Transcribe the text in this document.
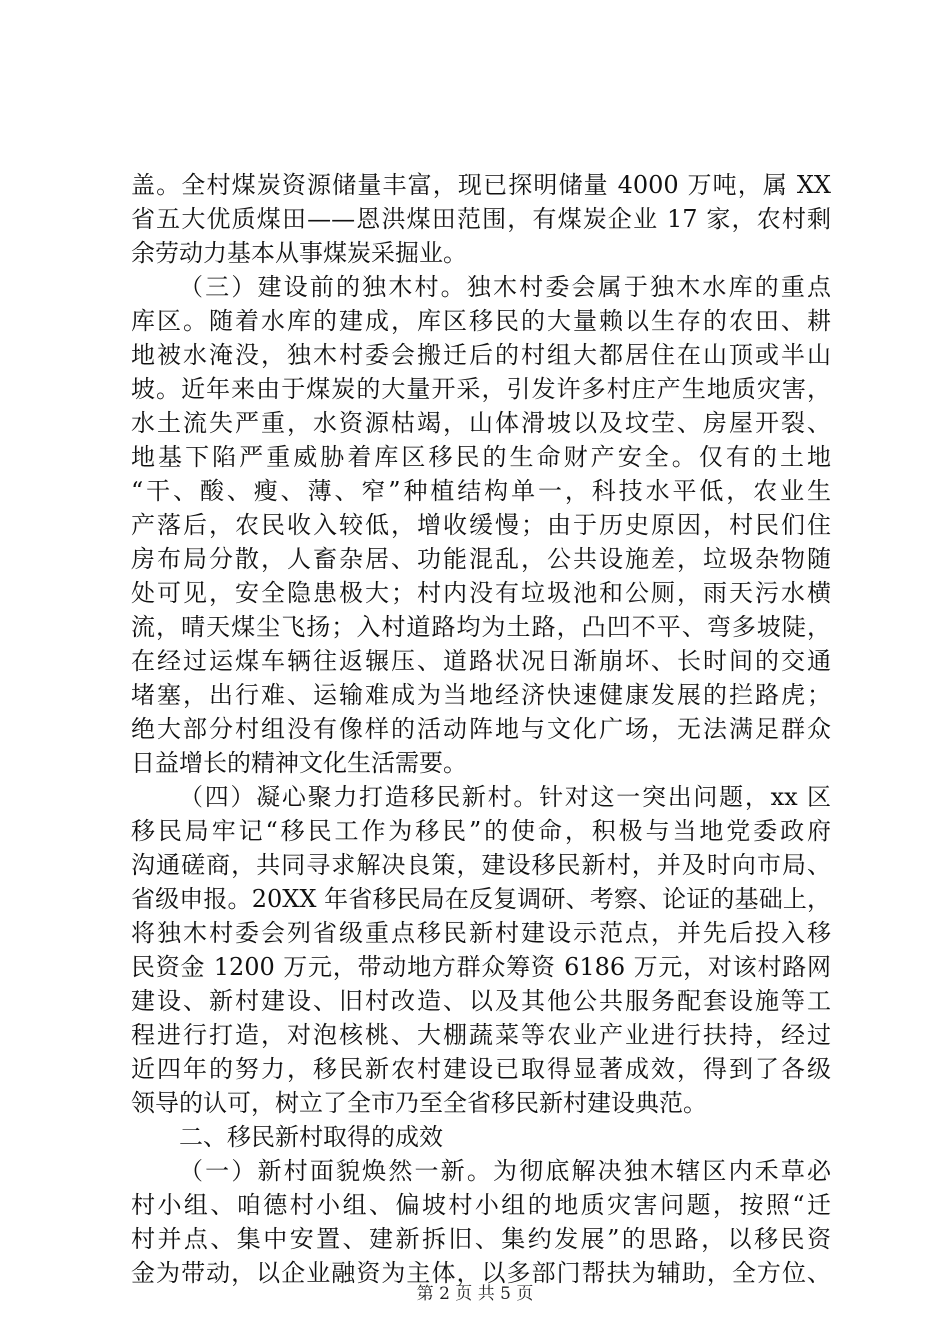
盖。全村煤炭资源储量丰富，现已探明储量 4000 万吨，属 XX
省五大优质煤田——恩洪煤田范围，有煤炭企业 17 家，农村剩
余劳动力基本从事煤炭采掘业。
（三）建设前的独木村。独木村委会属于独木水库的重点
库区。随着水库的建成，库区移民的大量赖以生存的农田、耕
地被水淹没，独木村委会搬迁后的村组大都居住在山顶或半山
坡。近年来由于煤炭的大量开采，引发许多村庄产生地质灾害，
水土流失严重，水资源枯竭，山体滑坡以及坟茔、房屋开裂、
地基下陷严重威胁着库区移民的生命财产安全。仅有的土地
“干、酸、瘦、薄、窄”种植结构单一，科技水平低，农业生
产落后，农民收入较低，增收缓慢；由于历史原因，村民们住
房布局分散，人畜杂居、功能混乱，公共设施差，垃圾杂物随
处可见，安全隐患极大；村内没有垃圾池和公厕，雨天污水横
流，晴天煤尘飞扬；入村道路均为土路，凸凹不平、弯多坡陡，
在经过运煤车辆往返辗压、道路状况日渐崩坏、长时间的交通
堵塞，出行难、运输难成为当地经济快速健康发展的拦路虎；
绝大部分村组没有像样的活动阵地与文化广场，无法满足群众
日益增长的精神文化生活需要。
（四）凝心聚力打造移民新村。针对这一突出问题，xx 区
移民局牢记“移民工作为移民”的使命，积极与当地党委政府
沟通磋商，共同寻求解决良策，建设移民新村，并及时向市局、
省级申报。20XX 年省移民局在反复调研、考察、论证的基础上，
将独木村委会列省级重点移民新村建设示范点，并先后投入移
民资金 1200 万元，带动地方群众筹资 6186 万元，对该村路网
建设、新村建设、旧村改造、以及其他公共服务配套设施等工
程进行打造，对泡核桃、大棚蔬菜等农业产业进行扶持，经过
近四年的努力，移民新农村建设已取得显著成效，得到了各级
领导的认可，树立了全市乃至全省移民新村建设典范。
二、移民新村取得的成效
（一）新村面貌焕然一新。为彻底解决独木辖区内禾草必
村小组、咱德村小组、偏坡村小组的地质灾害问题，按照“迁
村并点、集中安置、建新拆旧、集约发展”的思路，以移民资
金为带动，以企业融资为主体，以多部门帮扶为辅助，全方位、
第 2 页 共 5 页
